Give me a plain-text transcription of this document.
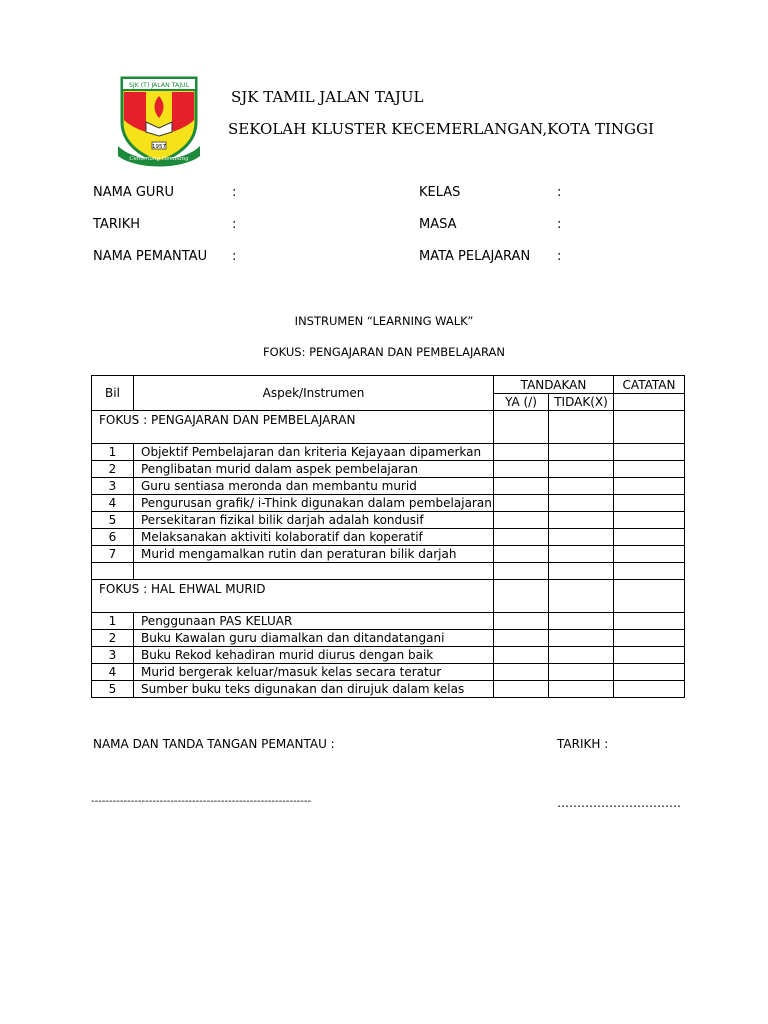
SJK (T) JALAN TAJUL
1957
Cemerlang Gemilang
SJK TAMIL JALAN TAJUL
SEKOLAH KLUSTER KECEMERLANGAN,KOTA TINGGI
NAMA GURU	:	KELAS	:
TARIKH	:	MASA	:
NAMA PEMANTAU :	MATA PELAJARAN :
INSTRUMEN “LEARNING WALK”
FOKUS: PENGAJARAN DAN PEMBELAJARAN
Bil	Aspek/Instrumen	TANDAKAN		CATATAN
		YA (/)	TIDAK(X)	
FOKUS : PENGAJARAN DAN PEMBELAJARAN				
1	Objektif Pembelajaran dan kriteria Kejayaan dipamerkan			
2	Penglibatan murid dalam aspek pembelajaran			
3	Guru sentiasa meronda dan membantu murid			
4	Pengurusan grafik/ i-Think digunakan dalam pembelajaran			
5	Persekitaran fizikal bilik darjah adalah kondusif			
6	Melaksanakan aktiviti kolaboratif dan koperatif			
7	Murid mengamalkan rutin dan peraturan bilik darjah			

FOKUS : HAL EHWAL MURID				
1	Penggunaan PAS KELUAR			
2	Buku Kawalan guru diamalkan dan ditandatangani			
3	Buku Rekod kehadiran murid diurus dengan baik			
4	Murid bergerak keluar/masuk kelas secara teratur			
5	Sumber buku teks digunakan dan dirujuk dalam kelas			
NAMA DAN TANDA TANGAN PEMANTAU :	TARIKH :
-------------------------------------------------------------	………………………….
